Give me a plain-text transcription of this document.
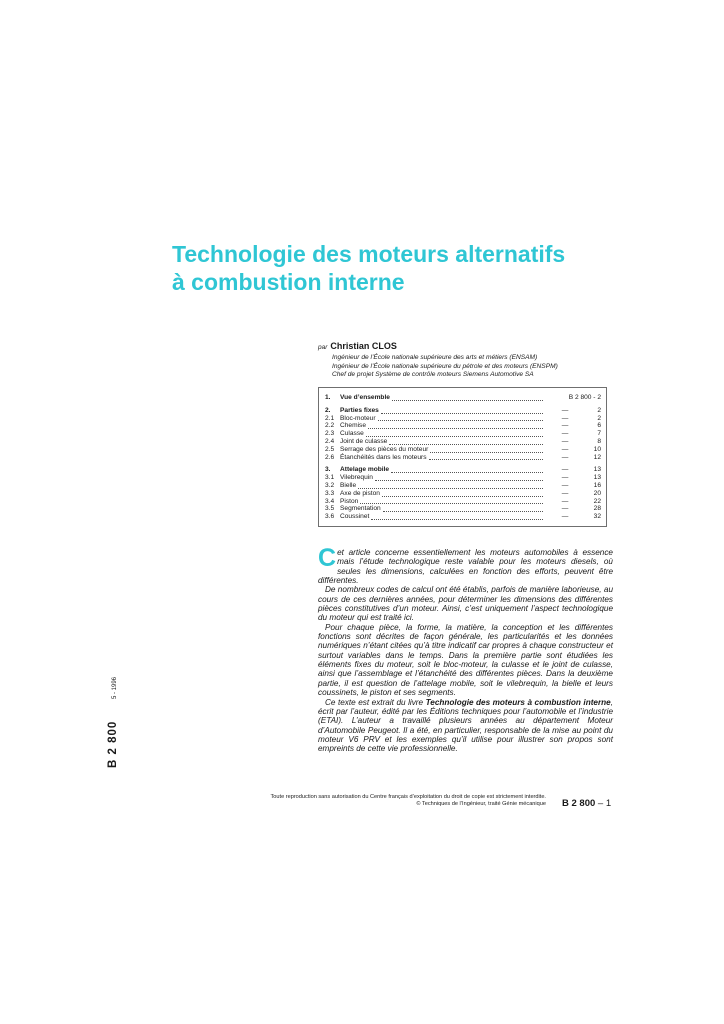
Technologie des moteurs alternatifs
à combustion interne
par Christian CLOS
Ingénieur de l’École nationale supérieure des arts et métiers (ENSAM)
Ingénieur de l’École nationale supérieure du pétrole et des moteurs (ENSPM)
Chef de projet Système de contrôle moteurs Siemens Automotive SA
1.	Vue d’ensemble	B 2 800 - 2
2.	Parties fixes	—	2
2.1 Bloc-moteur	—	2
2.2 Chemise	—	6
2.3 Culasse	—	7
2.4 Joint de culasse	—	8
2.5 Serrage des pièces du moteur	—	10
2.6 Étanchéités dans les moteurs	—	12
3.	Attelage mobile	—	13
3.1 Vilebrequin	—	13
3.2 Bielle	—	16
3.3 Axe de piston	—	20
3.4 Piston	—	22
3.5 Segmentation	—	28
3.6 Coussinet	—	32

Cet article concerne essentiellement les moteurs automobiles à essence mais l’étude technologique reste valable pour les moteurs diesels, où seules les dimensions, calculées en fonction des efforts, peuvent être différentes.

De nombreux codes de calcul ont été établis, parfois de manière laborieuse, au cours de ces dernières années, pour déterminer les dimensions des différentes pièces constitutives d’un moteur. Ainsi, c’est uniquement l’aspect technologique du moteur qui est traité ici.

Pour chaque pièce, la forme, la matière, la conception et les différentes fonctions sont décrites de façon générale, les particularités et les données numériques n’étant citées qu’à titre indicatif car propres à chaque constructeur et surtout variables dans le temps. Dans la première partie sont étudiées les éléments fixes du moteur, soit le bloc-moteur, la culasse et le joint de culasse, ainsi que l’assemblage et l’étanchéité des différentes pièces. Dans la deuxième partie, il est question de l’attelage mobile, soit le vilebrequin, la bielle et leurs coussinets, le piston et ses segments.

Ce texte est extrait du livre Technologie des moteurs à combustion interne, écrit par l’auteur, édité par les Éditions techniques pour l’automobile et l’industrie (ETAI). L’auteur a travaillé plusieurs années au département Moteur d’Automobile Peugeot. Il a été, en particulier, responsable de la mise au point du moteur V6 PRV et les exemples qu’il utilise pour illustrer son propos sont empreints de cette vie professionnelle.

B 2 800
5 - 1996
Toute reproduction sans autorisation du Centre français d’exploitation du droit de copie est strictement interdite.
© Techniques de l’Ingénieur, traité Génie mécanique B 2 800 – 1
